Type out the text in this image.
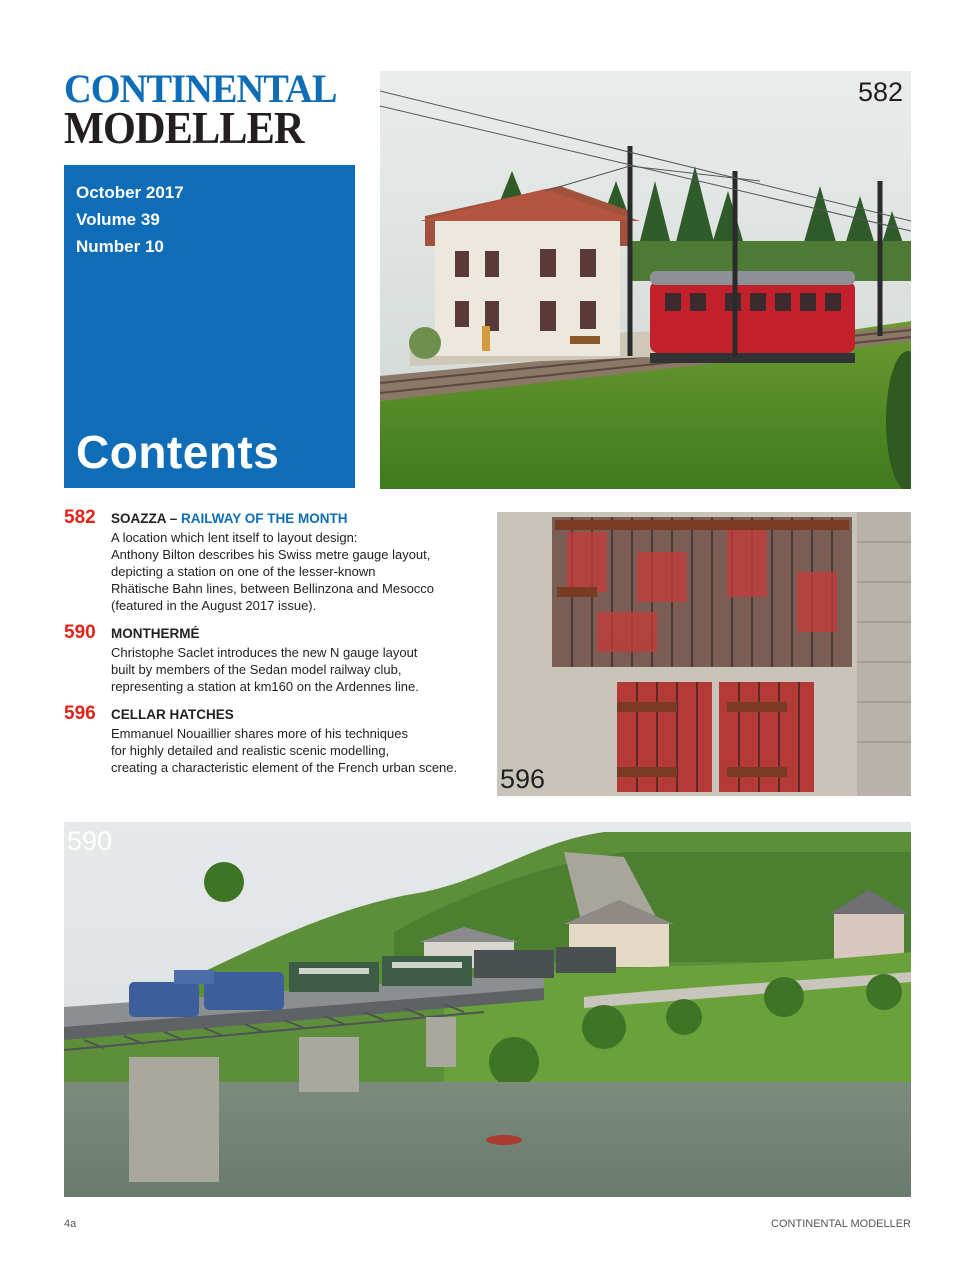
CONTINENTAL
MODELLER
October 2017
Volume 39
Number 10
Contents
582
582 SOAZZA – RAILWAY OF THE MONTH
A location which lent itself to layout design:
Anthony Bilton describes his Swiss metre gauge layout,
depicting a station on one of the lesser-known
Rhätische Bahn lines, between Bellinzona and Mesocco
(featured in the August 2017 issue).
590 MONTHERMÉ
Christophe Saclet introduces the new N gauge layout
built by members of the Sedan model railway club,
representing a station at km160 on the Ardennes line.
596 CELLAR HATCHES
Emmanuel Nouaillier shares more of his techniques
for highly detailed and realistic scenic modelling,
creating a characteristic element of the French urban scene.	596
590
4a	CONTINENTAL MODELLER
